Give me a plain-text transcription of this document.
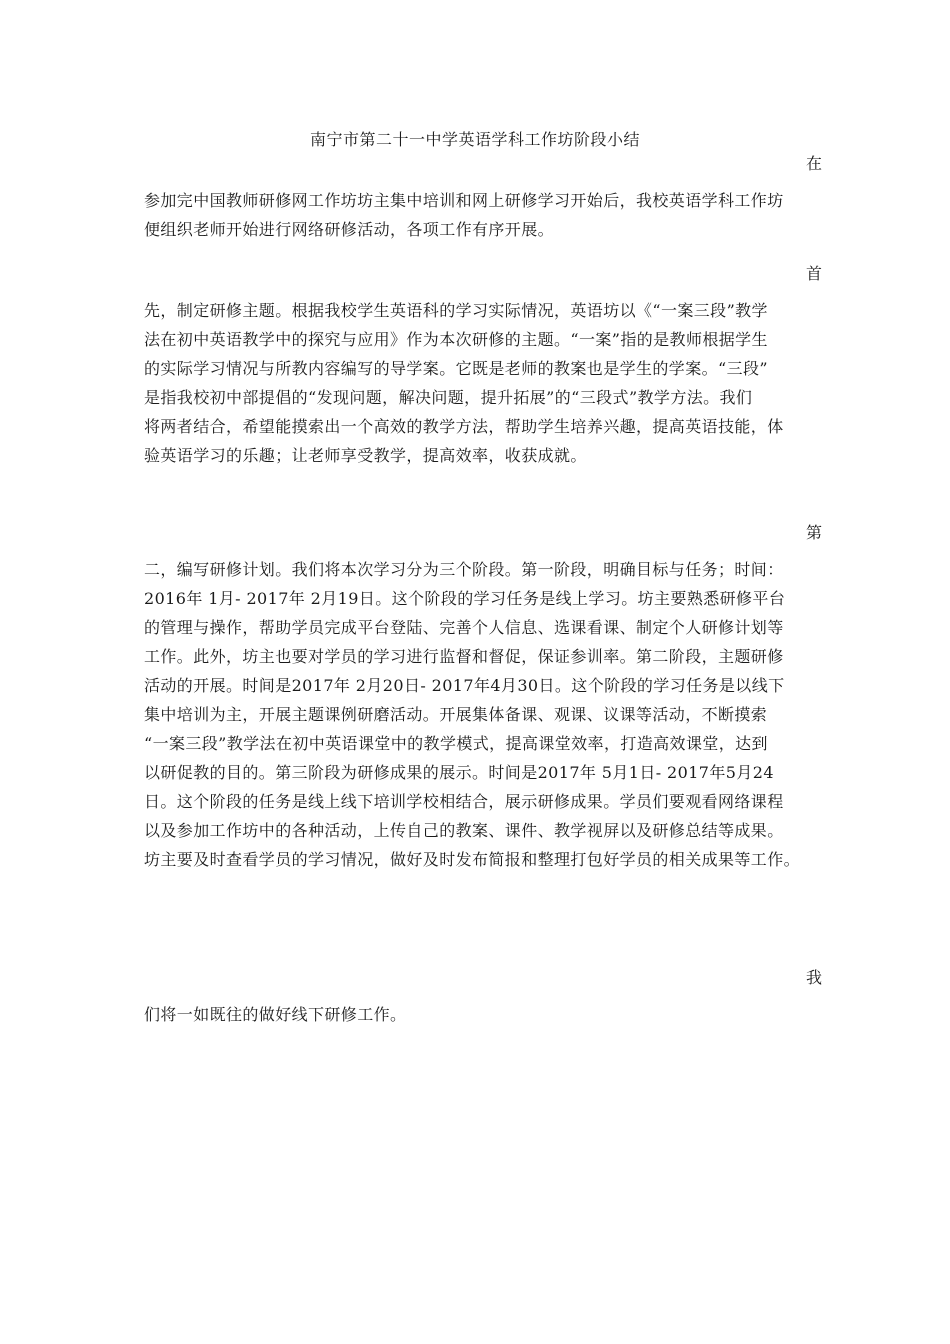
南宁市第二十一中学英语学科工作坊阶段小结
在
参加完中国教师研修网工作坊坊主集中培训和网上研修学习开始后，我校英语学科工作坊
便组织老师开始进行网络研修活动，各项工作有序开展。
首
先，制定研修主题。根据我校学生英语科的学习实际情况，英语坊以《“一案三段”教学
法在初中英语教学中的探究与应用》作为本次研修的主题。“一案”指的是教师根据学生
的实际学习情况与所教内容编写的导学案。它既是老师的教案也是学生的学案。“三段”
是指我校初中部提倡的“发现问题，解决问题，提升拓展”的“三段式”教学方法。我们
将两者结合，希望能摸索出一个高效的教学方法，帮助学生培养兴趣，提高英语技能，体
验英语学习的乐趣；让老师享受教学，提高效率，收获成就。
第
二，编写研修计划。我们将本次学习分为三个阶段。第一阶段，明确目标与任务；时间：
2016年 1月- 2017年 2月19日。这个阶段的学习任务是线上学习。坊主要熟悉研修平台
的管理与操作，帮助学员完成平台登陆、完善个人信息、选课看课、制定个人研修计划等
工作。此外，坊主也要对学员的学习进行监督和督促，保证参训率。第二阶段，主题研修
活动的开展。时间是2017年 2月20日- 2017年4月30日。这个阶段的学习任务是以线下
集中培训为主，开展主题课例研磨活动。开展集体备课、观课、议课等活动，不断摸索
“一案三段”教学法在初中英语课堂中的教学模式，提高课堂效率，打造高效课堂，达到
以研促教的目的。第三阶段为研修成果的展示。时间是2017年 5月1日- 2017年5月24
日。这个阶段的任务是线上线下培训学校相结合，展示研修成果。学员们要观看网络课程
以及参加工作坊中的各种活动，上传自己的教案、课件、教学视屏以及研修总结等成果。
坊主要及时查看学员的学习情况，做好及时发布简报和整理打包好学员的相关成果等工作。
我
们将一如既往的做好线下研修工作。
